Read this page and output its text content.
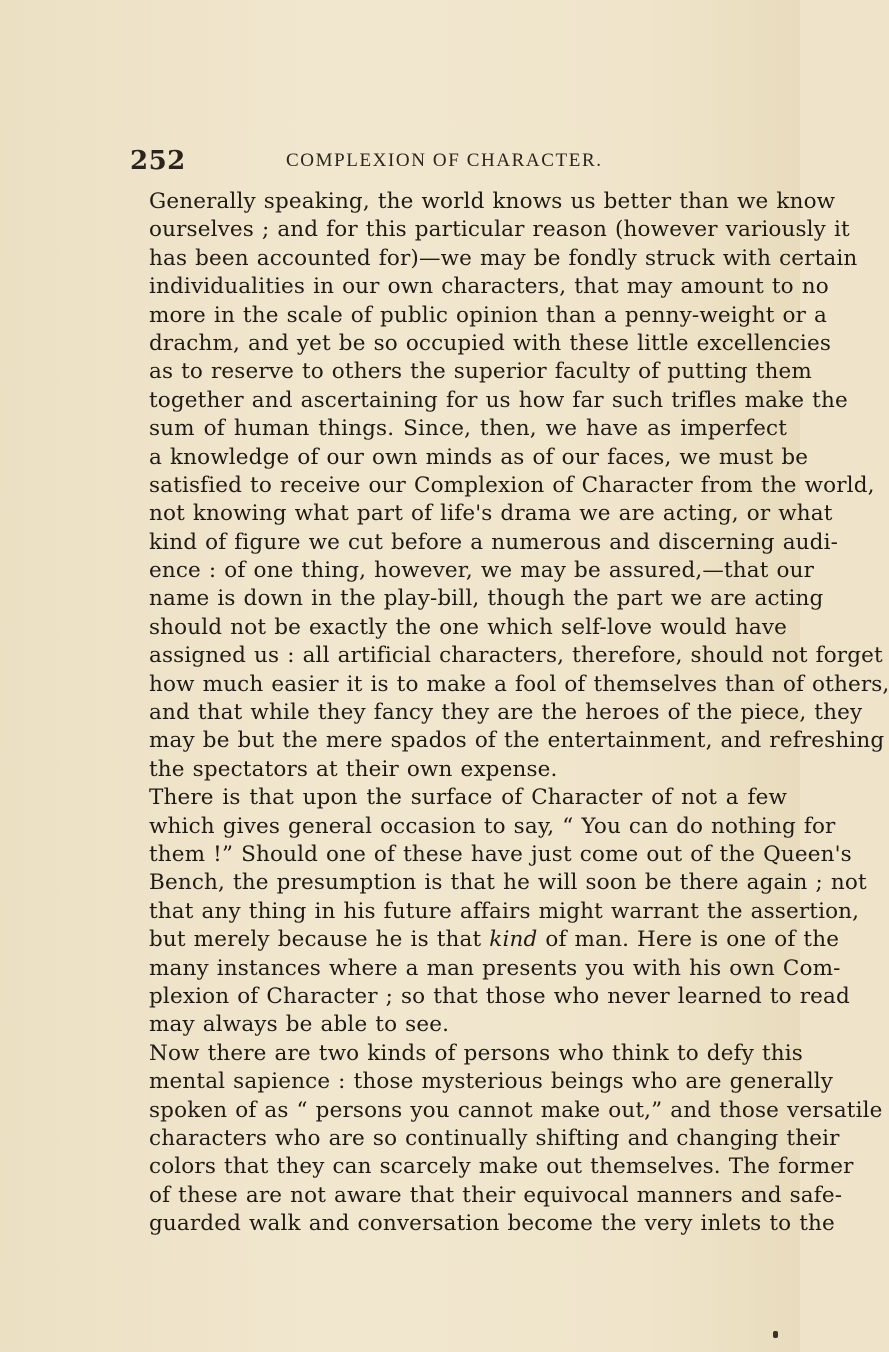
252	COMPLEXION OF CHARACTER.
Generally speaking, the world knows us better than we know
ourselves ; and for this particular reason (however variously it
has been accounted for)—we may be fondly struck with certain
individualities in our own characters, that may amount to no
more in the scale of public opinion than a penny-weight or a
drachm, and yet be so occupied with these little excellencies
as to reserve to others the superior faculty of putting them
together and ascertaining for us how far such trifles make the
sum of human things. Since, then, we have as imperfect
a knowledge of our own minds as of our faces, we must be
satisfied to receive our Complexion of Character from the world,
not knowing what part of life's drama we are acting, or what
kind of figure we cut before a numerous and discerning audi-
ence : of one thing, however, we may be assured,—that our
name is down in the play-bill, though the part we are acting
should not be exactly the one which self-love would have
assigned us : all artificial characters, therefore, should not forget
how much easier it is to make a fool of themselves than of others,
and that while they fancy they are the heroes of the piece, they
may be but the mere spados of the entertainment, and refreshing
the spectators at their own expense.
There is that upon the surface of Character of not a few
which gives general occasion to say, “ You can do nothing for
them !” Should one of these have just come out of the Queen's
Bench, the presumption is that he will soon be there again ; not
that any thing in his future affairs might warrant the assertion,
but merely because he is that kind of man. Here is one of the
many instances where a man presents you with his own Com-
plexion of Character ; so that those who never learned to read
may always be able to see.
Now there are two kinds of persons who think to defy this
mental sapience : those mysterious beings who are generally
spoken of as “ persons you cannot make out,” and those versatile
characters who are so continually shifting and changing their
colors that they can scarcely make out themselves. The former
of these are not aware that their equivocal manners and safe-
guarded walk and conversation become the very inlets to the
